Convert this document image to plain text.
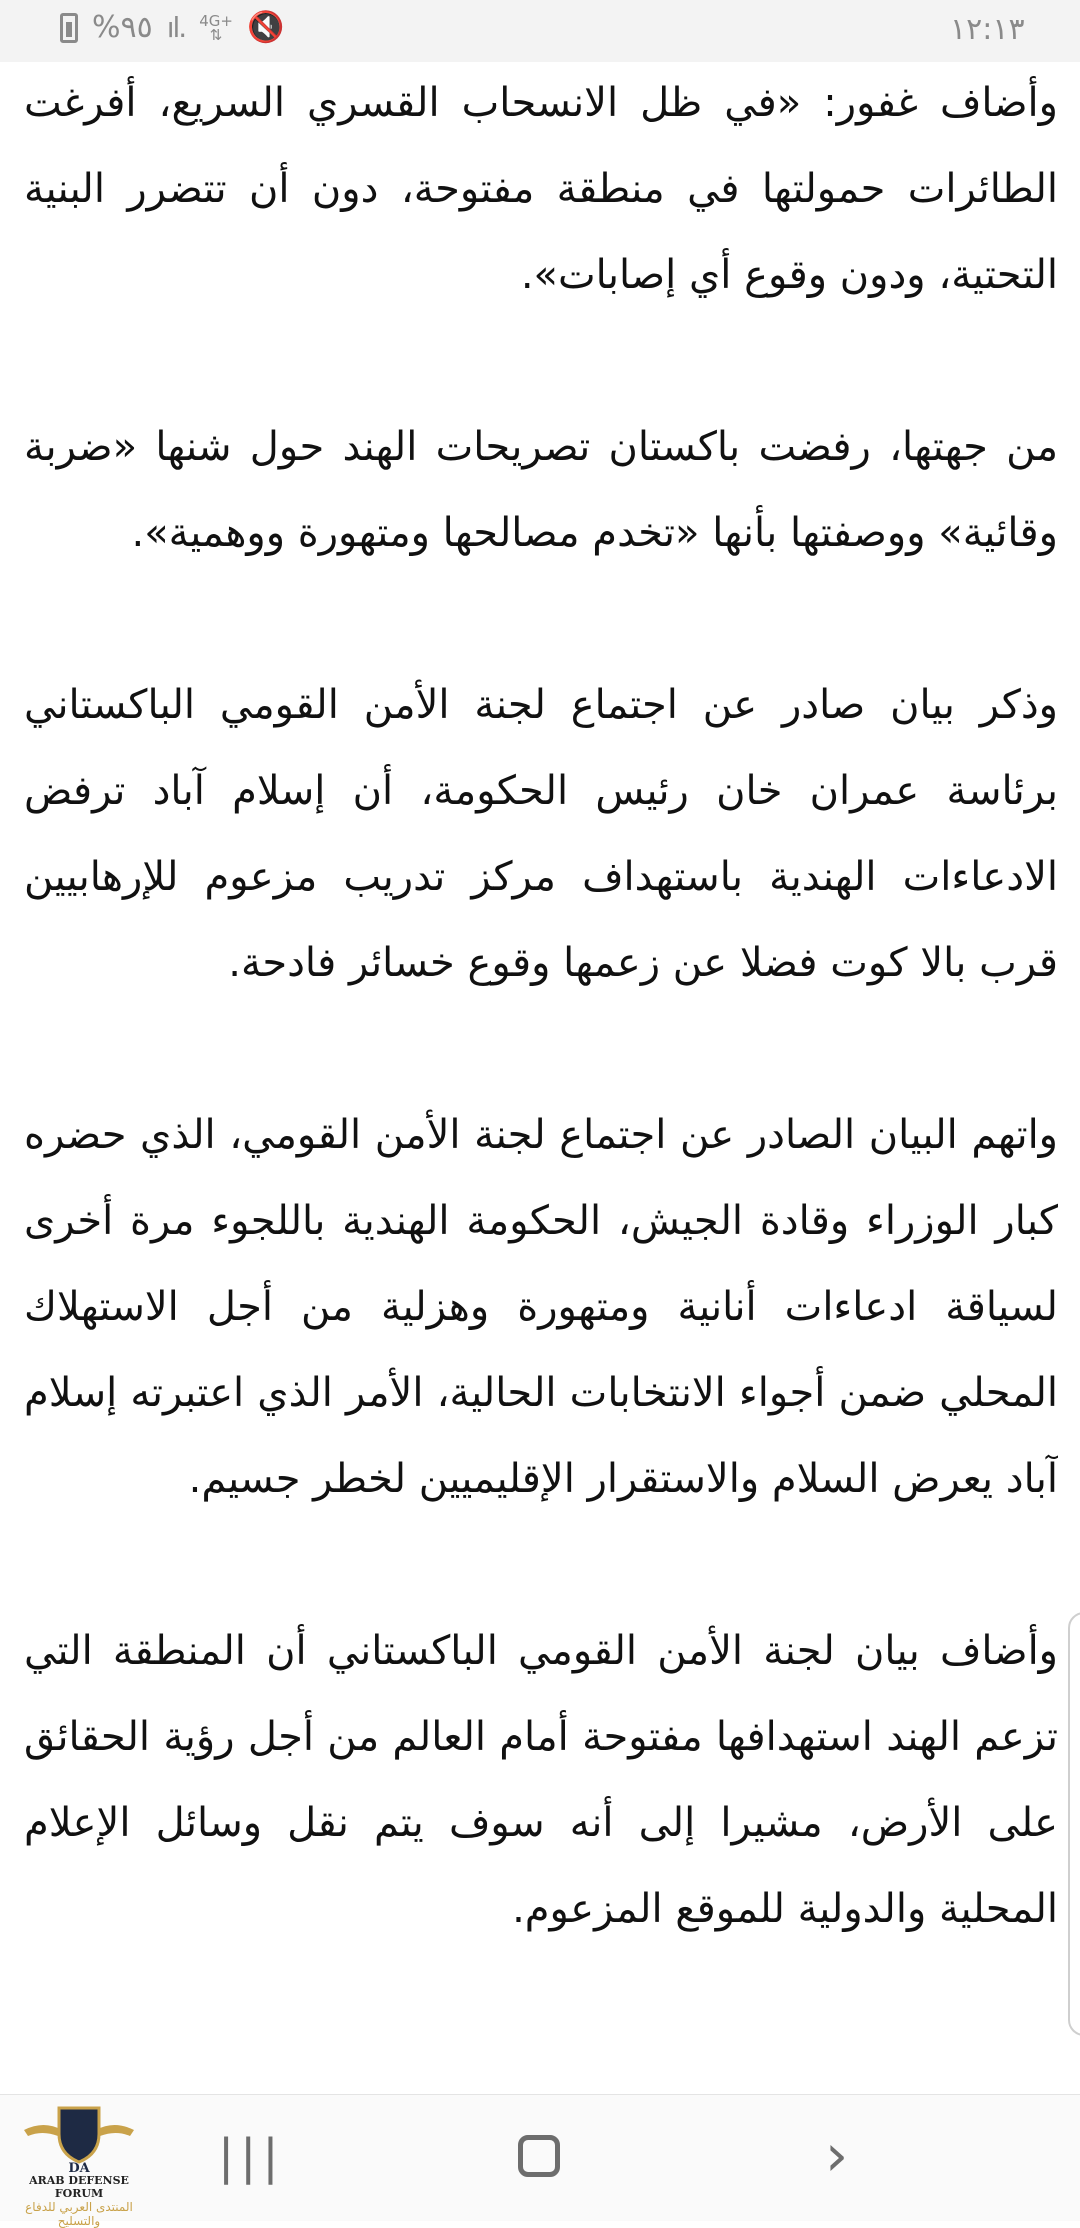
%٩٥ ıl. 4G+
⇅ 🔇	١٢:١٣

وأضاف غفور: «في ظل الانسحاب القسري السريع، أفرغت الطائرات حمولتها في منطقة مفتوحة، دون أن تتضرر البنية التحتية، ودون وقوع أي إصابات».

من جهتها، رفضت باكستان تصريحات الهند حول شنها «ضربة وقائية» ووصفتها بأنها «تخدم مصالحها ومتهورة ووهمية».

وذكر بيان صادر عن اجتماع لجنة الأمن القومي الباكستاني برئاسة عمران خان رئيس الحكومة، أن إسلام آباد ترفض الادعاءات الهندية باستهداف مركز تدريب مزعوم للإرهابيين قرب بالا كوت فضلا عن زعمها وقوع خسائر فادحة.

واتهم البيان الصادر عن اجتماع لجنة الأمن القومي، الذي حضره كبار الوزراء وقادة الجيش، الحكومة الهندية باللجوء مرة أخرى لسياقة ادعاءات أنانية ومتهورة وهزلية من أجل الاستهلاك المحلي ضمن أجواء الانتخابات الحالية، الأمر الذي اعتبرته إسلام آباد يعرض السلام والاستقرار الإقليميين لخطر جسيم.

وأضاف بيان لجنة الأمن القومي الباكستاني أن المنطقة التي تزعم الهند استهدافها مفتوحة أمام العالم من أجل رؤية الحقائق على الأرض، مشيرا إلى أنه سوف يتم نقل وسائل الإعلام المحلية والدولية للموقع المزعوم.

|||	›
DA
ARAB DEFENSE FORUM
المنتدى العربي للدفاع والتسليح
